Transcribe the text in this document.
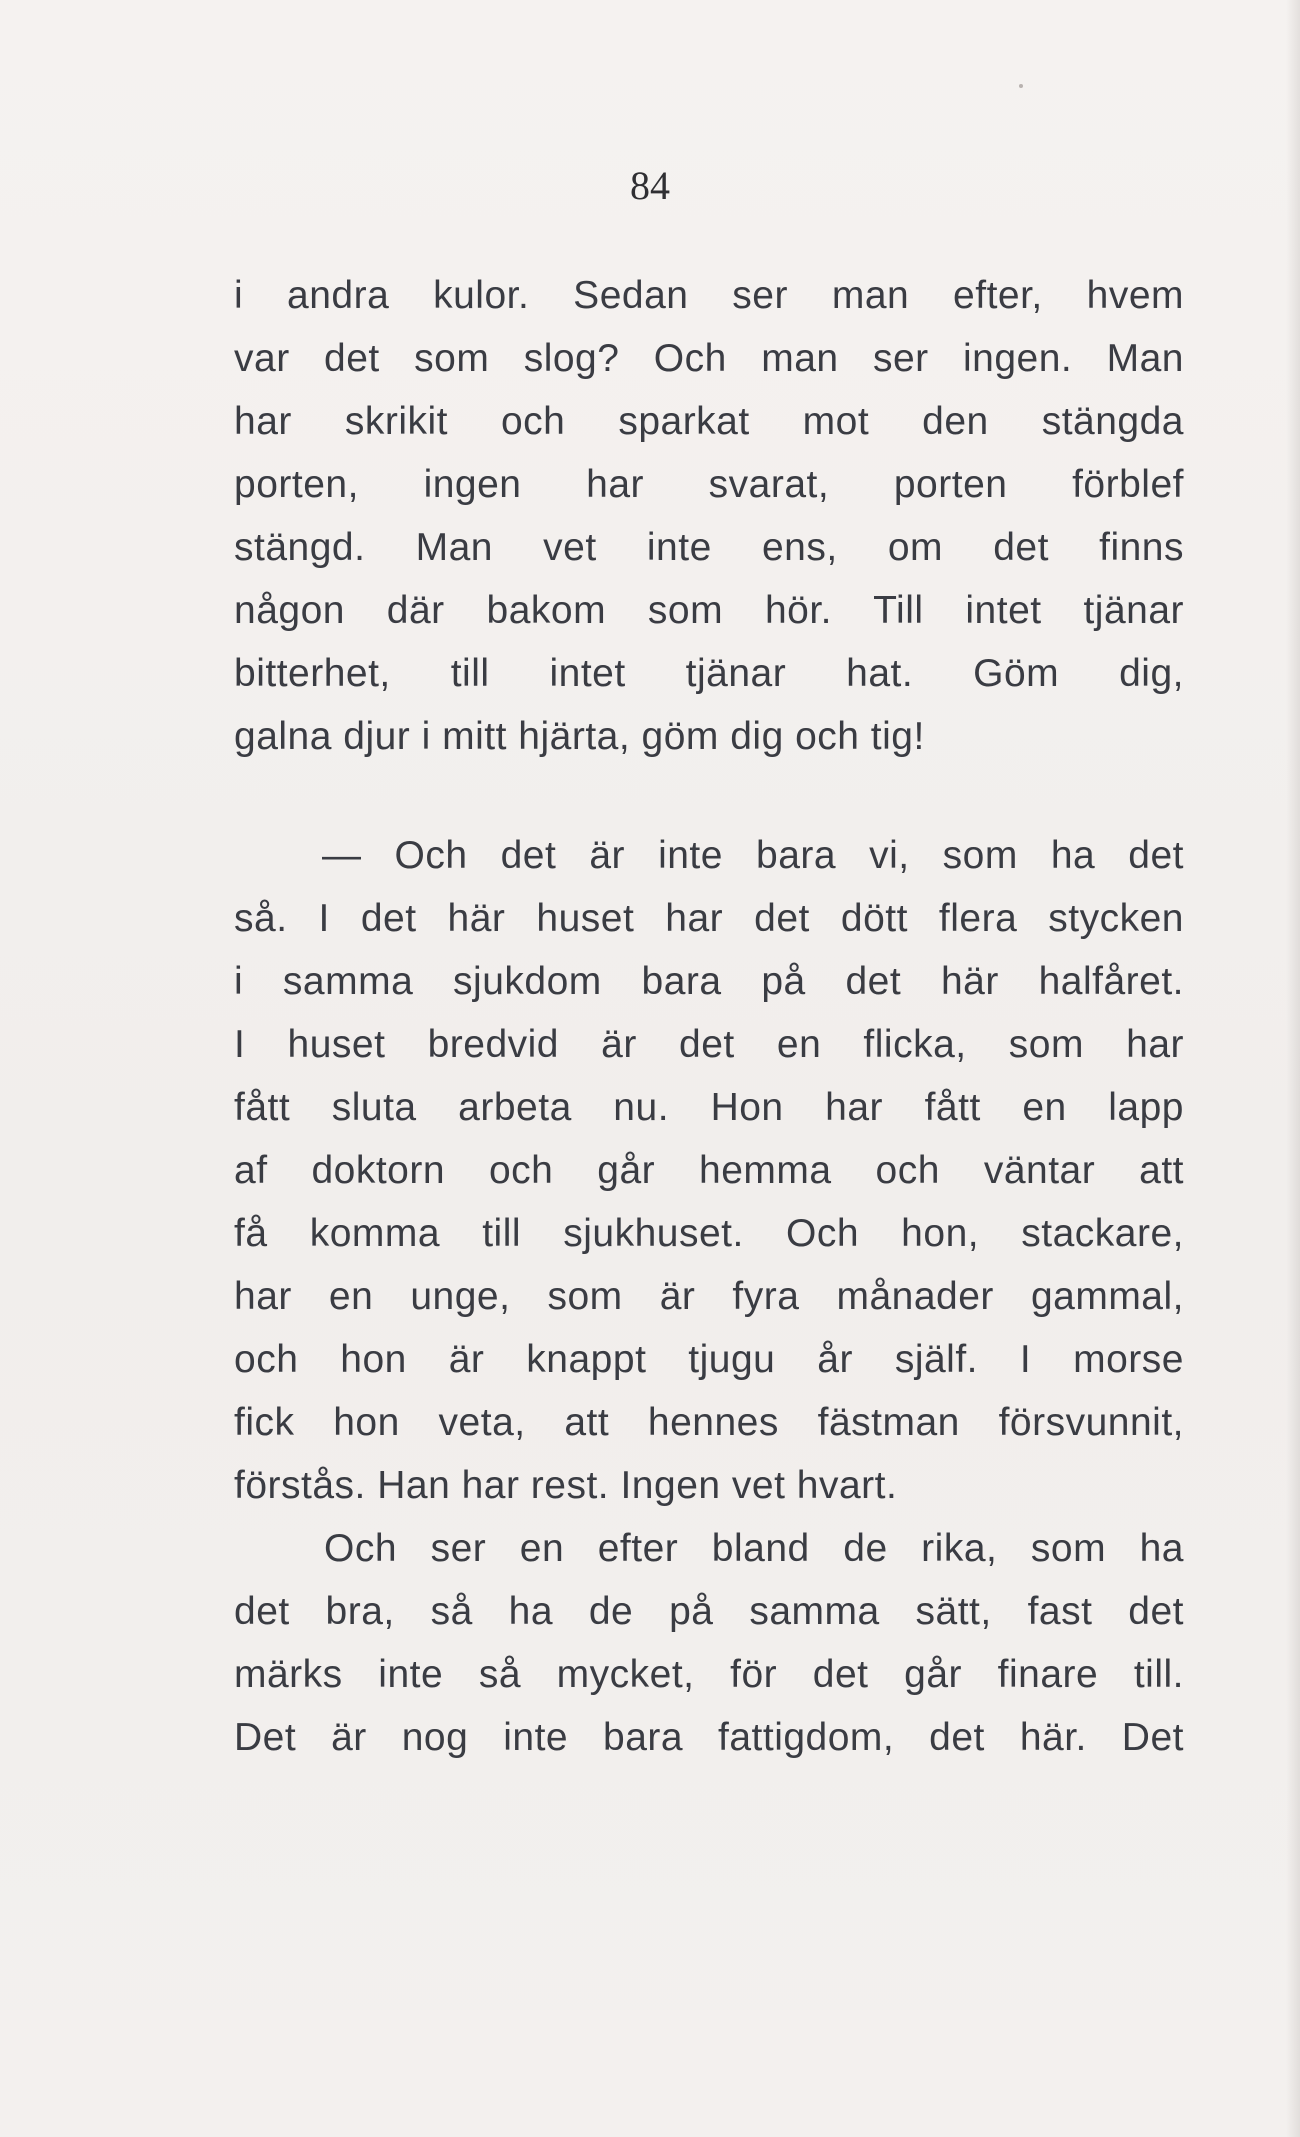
84
i andra kulor. Sedan ser man efter, hvem
var det som slog? Och man ser ingen. Man
har skrikit och sparkat mot den stängda
porten, ingen har svarat, porten förblef
stängd. Man vet inte ens, om det finns
någon där bakom som hör. Till intet tjänar
bitterhet, till intet tjänar hat. Göm dig,
galna djur i mitt hjärta, göm dig och tig!
— Och det är inte bara vi, som ha det
så. I det här huset har det dött flera stycken
i samma sjukdom bara på det här halfåret.
I huset bredvid är det en flicka, som har
fått sluta arbeta nu. Hon har fått en lapp
af doktorn och går hemma och väntar att
få komma till sjukhuset. Och hon, stackare,
har en unge, som är fyra månader gammal,
och hon är knappt tjugu år själf. I morse
fick hon veta, att hennes fästman försvunnit,
förstås. Han har rest. Ingen vet hvart.
Och ser en efter bland de rika, som ha
det bra, så ha de på samma sätt, fast det
märks inte så mycket, för det går finare till.
Det är nog inte bara fattigdom, det här. Det
